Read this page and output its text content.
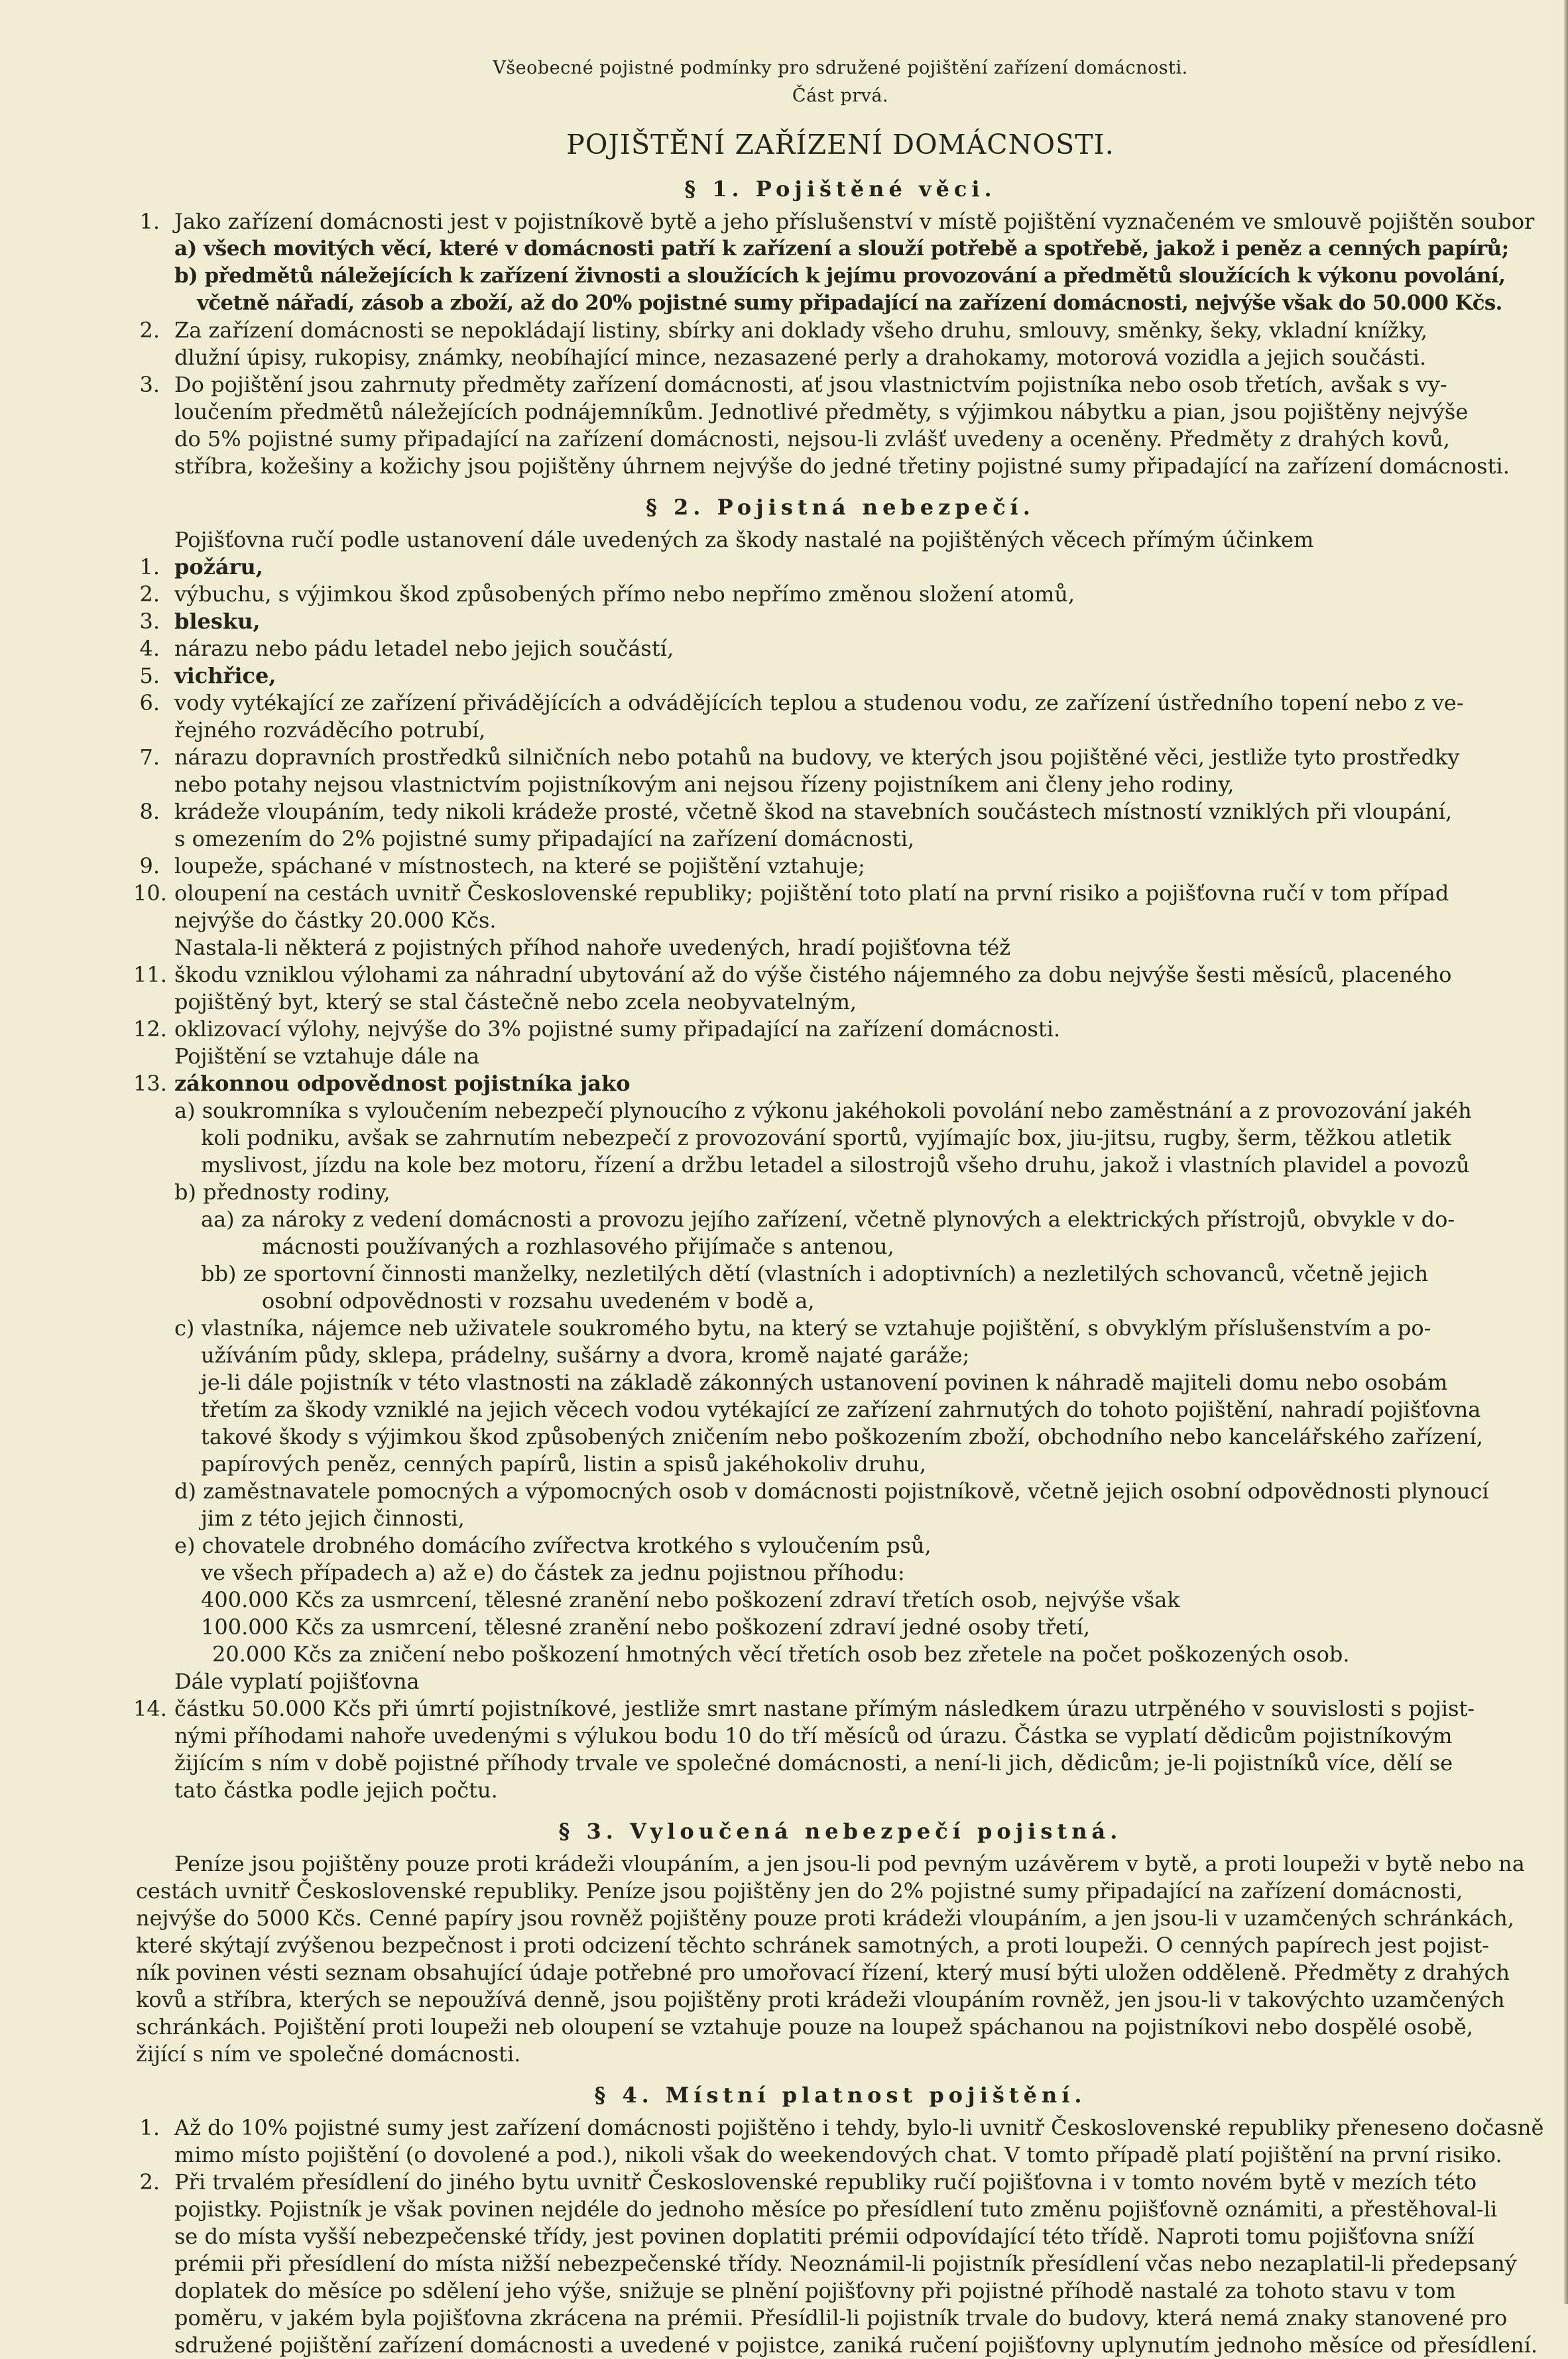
Všeobecné pojistné podmínky pro sdružené pojištění zařízení domácnosti.
Část prvá.
POJIŠTĚNÍ ZAŘÍZENÍ DOMÁCNOSTI.
§ 1. Pojištěné věci.
1. Jako zařízení domácnosti jest v pojistníkově bytě a jeho příslušenství v místě pojištění vyznačeném ve smlouvě pojištěn soubor
a) všech movitých věcí, které v domácnosti patří k zařízení a slouží potřebě a spotřebě, jakož i peněz a cenných papírů;
b) předmětů náležejících k zařízení živnosti a sloužících k jejímu provozování a předmětů sloužících k výkonu povolání,
včetně nářadí, zásob a zboží, až do 20% pojistné sumy připadající na zařízení domácnosti, nejvýše však do 50.000 Kčs.
2. Za zařízení domácnosti se nepokládají listiny, sbírky ani doklady všeho druhu, smlouvy, směnky, šeky, vkladní knížky,
dlužní úpisy, rukopisy, známky, neobíhající mince, nezasazené perly a drahokamy, motorová vozidla a jejich součásti.
3. Do pojištění jsou zahrnuty předměty zařízení domácnosti, ať jsou vlastnictvím pojistníka nebo osob třetích, avšak s vy-
loučením předmětů náležejících podnájemníkům. Jednotlivé předměty, s výjimkou nábytku a pian, jsou pojištěny nejvýše
do 5% pojistné sumy připadající na zařízení domácnosti, nejsou-li zvlášť uvedeny a oceněny. Předměty z drahých kovů,
stříbra, kožešiny a kožichy jsou pojištěny úhrnem nejvýše do jedné třetiny pojistné sumy připadající na zařízení domácnosti.
§ 2. Pojistná nebezpečí.
Pojišťovna ručí podle ustanovení dále uvedených za škody nastalé na pojištěných věcech přímým účinkem
1. požáru,
2. výbuchu, s výjimkou škod způsobených přímo nebo nepřímo změnou složení atomů,
3. blesku,
4. nárazu nebo pádu letadel nebo jejich součástí,
5. vichřice,
6. vody vytékající ze zařízení přivádějících a odvádějících teplou a studenou vodu, ze zařízení ústředního topení nebo z ve-
řejného rozváděcího potrubí,
7. nárazu dopravních prostředků silničních nebo potahů na budovy, ve kterých jsou pojištěné věci, jestliže tyto prostředky
nebo potahy nejsou vlastnictvím pojistníkovým ani nejsou řízeny pojistníkem ani členy jeho rodiny,
8. krádeže vloupáním, tedy nikoli krádeže prosté, včetně škod na stavebních součástech místností vzniklých při vloupání,
s omezením do 2% pojistné sumy připadající na zařízení domácnosti,
9. loupeže, spáchané v místnostech, na které se pojištění vztahuje;
10. oloupení na cestách uvnitř Československé republiky; pojištění toto platí na první risiko a pojišťovna ručí v tom případ
nejvýše do částky 20.000 Kčs.
Nastala-li některá z pojistných příhod nahoře uvedených, hradí pojišťovna též
11. škodu vzniklou výlohami za náhradní ubytování až do výše čistého nájemného za dobu nejvýše šesti měsíců, placeného
pojištěný byt, který se stal částečně nebo zcela neobyvatelným,
12. oklizovací výlohy, nejvýše do 3% pojistné sumy připadající na zařízení domácnosti.
Pojištění se vztahuje dále na
13. zákonnou odpovědnost pojistníka jako
a) soukromníka s vyloučením nebezpečí plynoucího z výkonu jakéhokoli povolání nebo zaměstnání a z provozování jakéh
koli podniku, avšak se zahrnutím nebezpečí z provozování sportů, vyjímajíc box, jiu-jitsu, rugby, šerm, těžkou atletik
myslivost, jízdu na kole bez motoru, řízení a držbu letadel a silostrojů všeho druhu, jakož i vlastních plavidel a povozů
b) přednosty rodiny,
aa) za nároky z vedení domácnosti a provozu jejího zařízení, včetně plynových a elektrických přístrojů, obvykle v do-
mácnosti používaných a rozhlasového přijímače s antenou,
bb) ze sportovní činnosti manželky, nezletilých dětí (vlastních i adoptivních) a nezletilých schovanců, včetně jejich
osobní odpovědnosti v rozsahu uvedeném v bodě a,
c) vlastníka, nájemce neb uživatele soukromého bytu, na který se vztahuje pojištění, s obvyklým příslušenstvím a po-
užíváním půdy, sklepa, prádelny, sušárny a dvora, kromě najaté garáže;
je-li dále pojistník v této vlastnosti na základě zákonných ustanovení povinen k náhradě majiteli domu nebo osobám
třetím za škody vzniklé na jejich věcech vodou vytékající ze zařízení zahrnutých do tohoto pojištění, nahradí pojišťovna
takové škody s výjimkou škod způsobených zničením nebo poškozením zboží, obchodního nebo kancelářského zařízení,
papírových peněz, cenných papírů, listin a spisů jakéhokoliv druhu,
d) zaměstnavatele pomocných a výpomocných osob v domácnosti pojistníkově, včetně jejich osobní odpovědnosti plynoucí
jim z této jejich činnosti,
e) chovatele drobného domácího zvířectva krotkého s vyloučením psů,
ve všech případech a) až e) do částek za jednu pojistnou příhodu:
400.000 Kčs za usmrcení, tělesné zranění nebo poškození zdraví třetích osob, nejvýše však
100.000 Kčs za usmrcení, tělesné zranění nebo poškození zdraví jedné osoby třetí,
20.000 Kčs za zničení nebo poškození hmotných věcí třetích osob bez zřetele na počet poškozených osob.
Dále vyplatí pojišťovna
14. částku 50.000 Kčs při úmrtí pojistníkové, jestliže smrt nastane přímým následkem úrazu utrpěného v souvislosti s pojist-
nými příhodami nahoře uvedenými s výlukou bodu 10 do tří měsíců od úrazu. Částka se vyplatí dědicům pojistníkovým
žijícím s ním v době pojistné příhody trvale ve společné domácnosti, a není-li jich, dědicům; je-li pojistníků více, dělí se
tato částka podle jejich počtu.
§ 3. Vyloučená nebezpečí pojistná.
Peníze jsou pojištěny pouze proti krádeži vloupáním, a jen jsou-li pod pevným uzávěrem v bytě, a proti loupeži v bytě nebo na
cestách uvnitř Československé republiky. Peníze jsou pojištěny jen do 2% pojistné sumy připadající na zařízení domácnosti,
nejvýše do 5000 Kčs. Cenné papíry jsou rovněž pojištěny pouze proti krádeži vloupáním, a jen jsou-li v uzamčených schránkách,
které skýtají zvýšenou bezpečnost i proti odcizení těchto schránek samotných, a proti loupeži. O cenných papírech jest pojist-
ník povinen vésti seznam obsahující údaje potřebné pro umořovací řízení, který musí býti uložen odděleně. Předměty z drahých
kovů a stříbra, kterých se nepoužívá denně, jsou pojištěny proti krádeži vloupáním rovněž, jen jsou-li v takovýchto uzamčených
schránkách. Pojištění proti loupeži neb oloupení se vztahuje pouze na loupež spáchanou na pojistníkovi nebo dospělé osobě,
žijící s ním ve společné domácnosti.
§ 4. Místní platnost pojištění.
1. Až do 10% pojistné sumy jest zařízení domácnosti pojištěno i tehdy, bylo-li uvnitř Československé republiky přeneseno dočasně
mimo místo pojištění (o dovolené a pod.), nikoli však do weekendových chat. V tomto případě platí pojištění na první risiko.
2. Při trvalém přesídlení do jiného bytu uvnitř Československé republiky ručí pojišťovna i v tomto novém bytě v mezích této
pojistky. Pojistník je však povinen nejdéle do jednoho měsíce po přesídlení tuto změnu pojišťovně oznámiti, a přestěhoval-li
se do místa vyšší nebezpečenské třídy, jest povinen doplatiti prémii odpovídající této třídě. Naproti tomu pojišťovna sníží
prémii při přesídlení do místa nižší nebezpečenské třídy. Neoznámil-li pojistník přesídlení včas nebo nezaplatil-li předepsaný
doplatek do měsíce po sdělení jeho výše, snižuje se plnění pojišťovny při pojistné příhodě nastalé za tohoto stavu v tom
poměru, v jakém byla pojišťovna zkrácena na prémii. Přesídlil-li pojistník trvale do budovy, která nemá znaky stanovené pro
sdružené pojištění zařízení domácnosti a uvedené v pojistce, zaniká ručení pojišťovny uplynutím jednoho měsíce od přesídlení.
